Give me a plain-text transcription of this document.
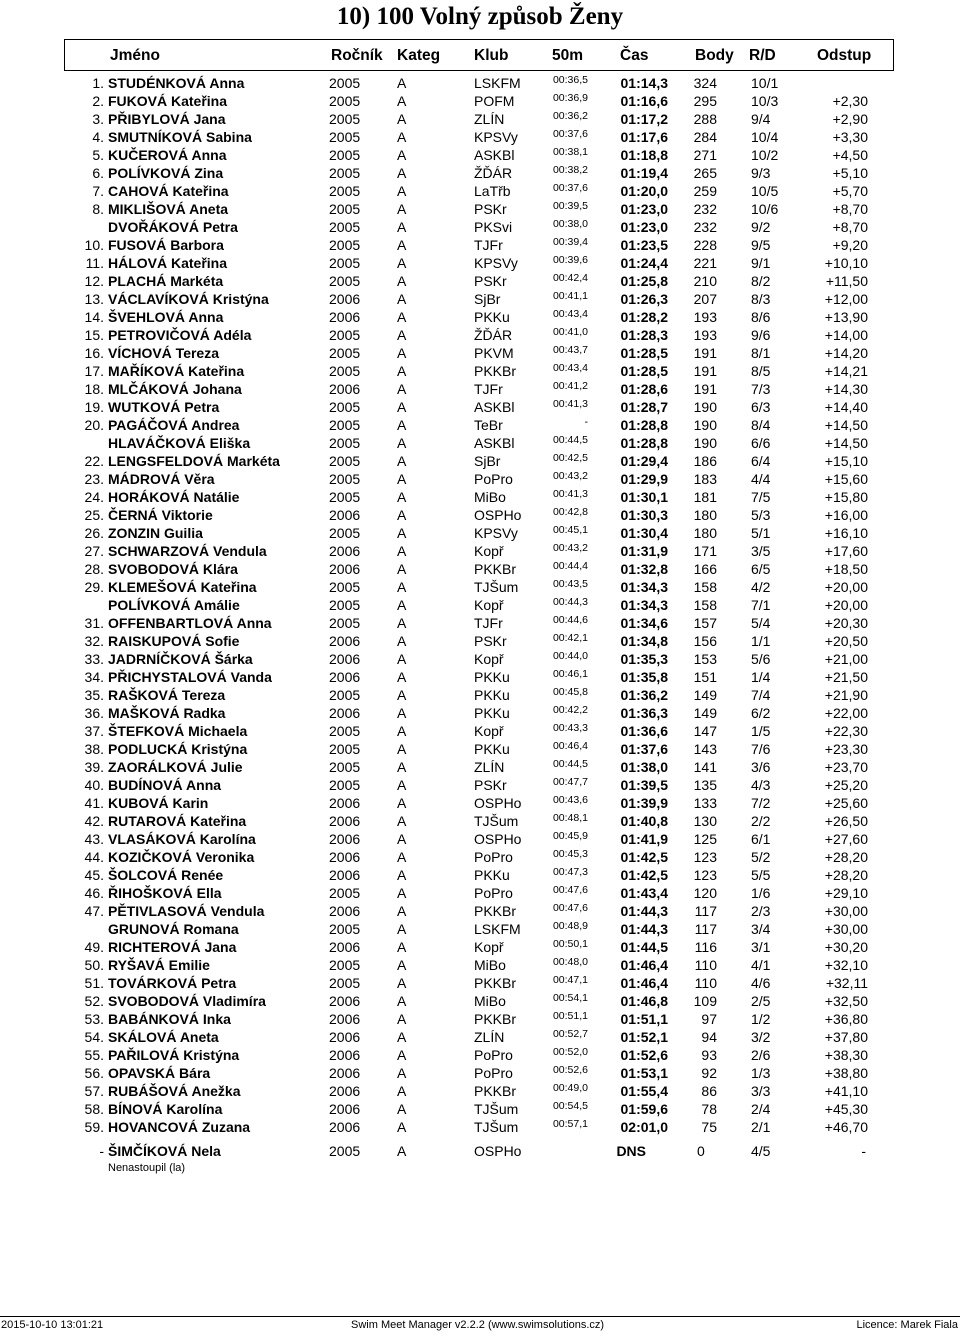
10) 100 Volný způsob Ženy
Jméno	Ročník Kateg Klub	50m Čas	Body R/D	Odstup
1. STUDÉNKOVÁ Anna	2005	A	LSKFM	00:36,5 01:14,3 324 10/1
2. FUKOVÁ Kateřina	2005	A	POFM	00:36,9 01:16,6 295 10/3	+2,30
3. PŘIBYLOVÁ Jana	2005	A	ZLÍN	00:36,2 01:17,2 288 9/4	+2,90
4. SMUTNÍKOVÁ Sabina	2005	A	KPSVy	00:37,6 01:17,6 284 10/4	+3,30
5. KUČEROVÁ Anna	2005	A	ASKBl	00:38,1 01:18,8 271 10/2	+4,50
6. POLÍVKOVÁ Zina	2005	A	ŽĎÁR	00:38,2 01:19,4 265 9/3	+5,10
7. CAHOVÁ Kateřina	2005	A	LaTřb	00:37,6 01:20,0 259 10/5	+5,70
8. MIKLIŠOVÁ Aneta	2005	A	PSKr	00:39,5 01:23,0 232 10/6	+8,70
DVOŘÁKOVÁ Petra	2005	A	PKSvi	00:38,0 01:23,0 232 9/2	+8,70
10. FUSOVÁ Barbora	2005	A	TJFr	00:39,4 01:23,5 228 9/5	+9,20
11. HÁLOVÁ Kateřina	2005	A	KPSVy	00:39,6 01:24,4 221 9/1	+10,10
12. PLACHÁ Markéta	2005	A	PSKr	00:42,4 01:25,8 210 8/2	+11,50
13. VÁCLAVÍKOVÁ Kristýna	2006	A	SjBr	00:41,1 01:26,3 207 8/3	+12,00
14. ŠVEHLOVÁ Anna	2006	A	PKKu	00:43,4 01:28,2 193 8/6	+13,90
15. PETROVIČOVÁ Adéla	2005	A	ŽĎÁR	00:41,0 01:28,3 193 9/6	+14,00
16. VÍCHOVÁ Tereza	2005	A	PKVM	00:43,7 01:28,5 191 8/1	+14,20
17. MAŘÍKOVÁ Kateřina	2005	A	PKKBr	00:43,4 01:28,5 191 8/5	+14,21
18. MLČÁKOVÁ Johana	2006	A	TJFr	00:41,2 01:28,6 191 7/3	+14,30
19. WUTKOVÁ Petra	2005	A	ASKBl	00:41,3 01:28,7 190 6/3	+14,40
20. PAGÁČOVÁ Andrea	2005	A	TeBr	- 01:28,8 190 8/4	+14,50
HLAVÁČKOVÁ Eliška	2005	A	ASKBl	00:44,5 01:28,8 190 6/6	+14,50
22. LENGSFELDOVÁ Markéta	2005	A	SjBr	00:42,5 01:29,4 186 6/4	+15,10
23. MÁDROVÁ Věra	2005	A	PoPro	00:43,2 01:29,9 183 4/4	+15,60
24. HORÁKOVÁ Natálie	2005	A	MiBo	00:41,3 01:30,1 181 7/5	+15,80
25. ČERNÁ Viktorie	2006	A	OSPHo	00:42,8 01:30,3 180 5/3	+16,00
26. ZONZIN Guilia	2005	A	KPSVy	00:45,1 01:30,4 180 5/1	+16,10
27. SCHWARZOVÁ Vendula	2006	A	Kopř	00:43,2 01:31,9 171 3/5	+17,60
28. SVOBODOVÁ Klára	2006	A	PKKBr	00:44,4 01:32,8 166 6/5	+18,50
29. KLEMEŠOVÁ Kateřina	2005	A	TJŠum	00:43,5 01:34,3 158 4/2	+20,00
POLÍVKOVÁ Amálie	2005	A	Kopř	00:44,3 01:34,3 158 7/1	+20,00
31. OFFENBARTLOVÁ Anna	2005	A	TJFr	00:44,6 01:34,6 157 5/4	+20,30
32. RAISKUPOVÁ Sofie	2006	A	PSKr	00:42,1 01:34,8 156 1/1	+20,50
33. JADRNÍČKOVÁ Šárka	2006	A	Kopř	00:44,0 01:35,3 153 5/6	+21,00
34. PŘICHYSTALOVÁ Vanda	2006	A	PKKu	00:46,1 01:35,8 151 1/4	+21,50
35. RAŠKOVÁ Tereza	2005	A	PKKu	00:45,8 01:36,2 149 7/4	+21,90
36. MAŠKOVÁ Radka	2006	A	PKKu	00:42,2 01:36,3 149 6/2	+22,00
37. ŠTEFKOVÁ Michaela	2005	A	Kopř	00:43,3 01:36,6 147 1/5	+22,30
38. PODLUCKÁ Kristýna	2005	A	PKKu	00:46,4 01:37,6 143 7/6	+23,30
39. ZAORÁLKOVÁ Julie	2005	A	ZLÍN	00:44,5 01:38,0 141 3/6	+23,70
40. BUDÍNOVÁ Anna	2005	A	PSKr	00:47,7 01:39,5 135 4/3	+25,20
41. KUBOVÁ Karin	2006	A	OSPHo	00:43,6 01:39,9 133 7/2	+25,60
42. RUTAROVÁ Kateřina	2006	A	TJŠum	00:48,1 01:40,8 130 2/2	+26,50
43. VLASÁKOVÁ Karolína	2006	A	OSPHo	00:45,9 01:41,9 125 6/1	+27,60
44. KOZIČKOVÁ Veronika	2006	A	PoPro	00:45,3 01:42,5 123 5/2	+28,20
45. ŠOLCOVÁ Renée	2006	A	PKKu	00:47,3 01:42,5 123 5/5	+28,20
46. ŘIHOŠKOVÁ Ella	2005	A	PoPro	00:47,6 01:43,4 120 1/6	+29,10
47. PĚTIVLASOVÁ Vendula	2006	A	PKKBr	00:47,6 01:44,3 117 2/3	+30,00
GRUNOVÁ Romana	2005	A	LSKFM	00:48,9 01:44,3 117 3/4	+30,00
49. RICHTEROVÁ Jana	2006	A	Kopř	00:50,1 01:44,5 116 3/1	+30,20
50. RYŠAVÁ Emilie	2005	A	MiBo	00:48,0 01:46,4 110 4/1	+32,10
51. TOVÁRKOVÁ Petra	2005	A	PKKBr	00:47,1 01:46,4 110 4/6	+32,11
52. SVOBODOVÁ Vladimíra	2006	A	MiBo	00:54,1 01:46,8 109 2/5	+32,50
53. BABÁNKOVÁ Inka	2006	A	PKKBr	00:51,1 01:51,1 97 1/2	+36,80
54. SKÁLOVÁ Aneta	2006	A	ZLÍN	00:52,7 01:52,1 94 3/2	+37,80
55. PAŘILOVÁ Kristýna	2006	A	PoPro	00:52,0 01:52,6 93 2/6	+38,30
56. OPAVSKÁ Bára	2006	A	PoPro	00:52,6 01:53,1 92 1/3	+38,80
57. RUBÁŠOVÁ Anežka	2006	A	PKKBr	00:49,0 01:55,4 86 3/3	+41,10
58. BÍNOVÁ Karolína	2006	A	TJŠum	00:54,5 01:59,6 78 2/4	+45,30
59. HOVANCOVÁ Zuzana	2006	A	TJŠum	00:57,1 02:01,0 75 2/1	+46,70
- ŠIMČÍKOVÁ Nela	2005	A	OSPHo	DNS	0	4/5	-
Nenastoupil (la)
2015-10-10 13:01:21	Swim Meet Manager v2.2.2 (www.swimsolutions.cz)	Licence: Marek Fiala
